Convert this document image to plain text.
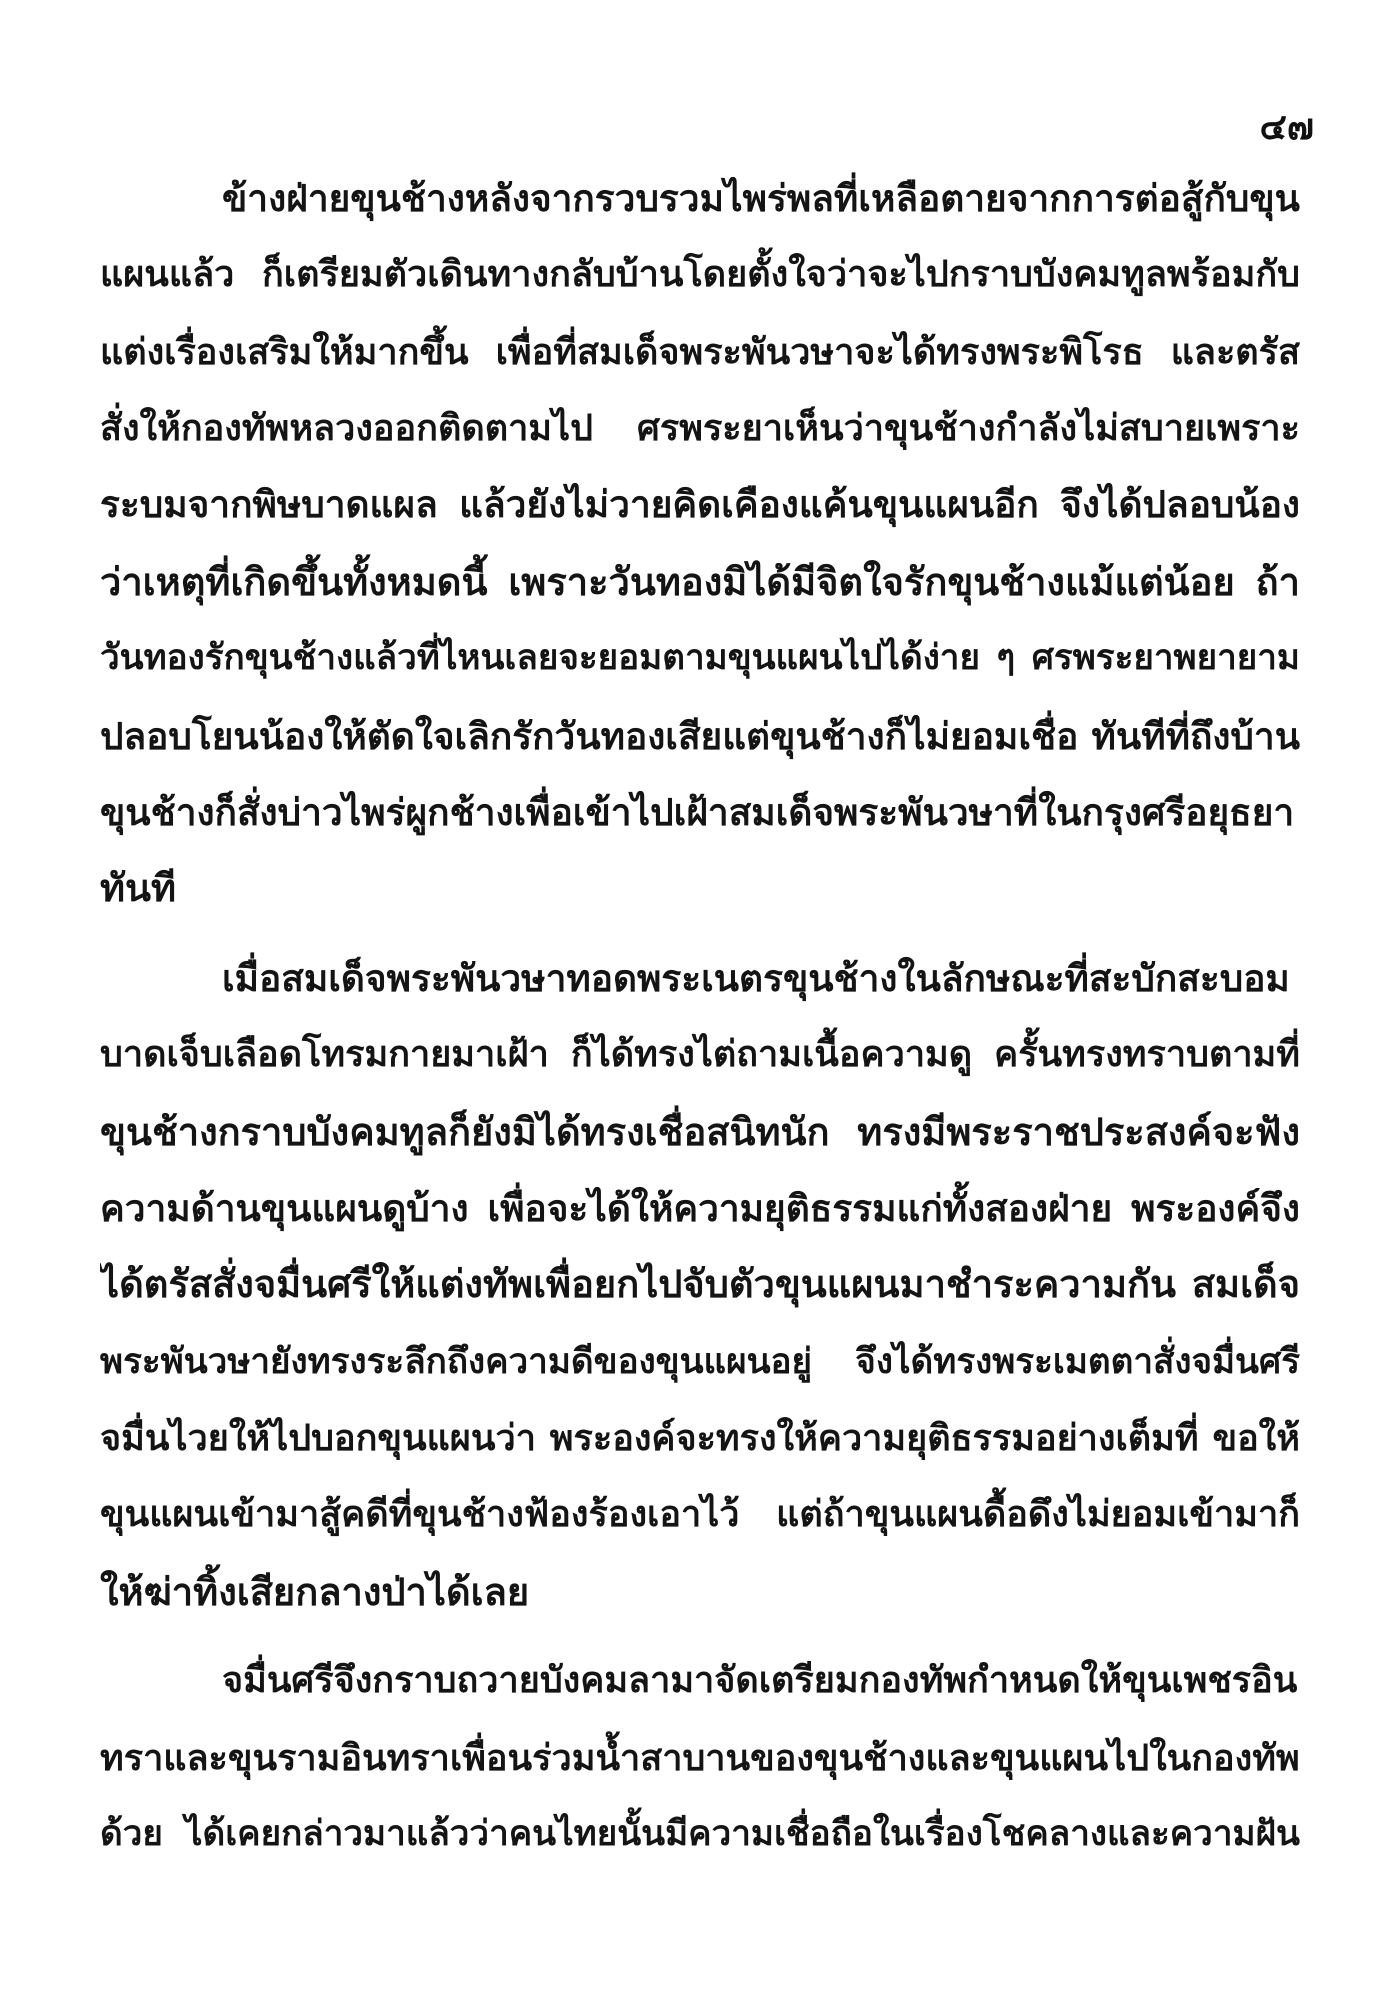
๔๗
ข้างฝ่ายขุนช้างหลังจากรวบรวมไพร่พลที่เหลือตายจากการต่อสู้กับขุน
แผนแล้ว ก็เตรียมตัวเดินทางกลับบ้านโดยตั้งใจว่าจะไปกราบบังคมทูลพร้อมกับ
แต่งเรื่องเสริมให้มากขึ้น เพื่อที่สมเด็จพระพันวษาจะได้ทรงพระพิโรธ และตรัส
สั่งให้กองทัพหลวงออกติดตามไป ศรพระยาเห็นว่าขุนช้างกำลังไม่สบายเพราะ
ระบมจากพิษบาดแผล แล้วยังไม่วายคิดเคืองแค้นขุนแผนอีก จึงได้ปลอบน้อง
ว่าเหตุที่เกิดขึ้นทั้งหมดนี้ เพราะวันทองมิได้มีจิตใจรักขุนช้างแม้แต่น้อย ถ้า
วันทองรักขุนช้างแล้วที่ไหนเลยจะยอมตามขุนแผนไปได้ง่าย ๆ ศรพระยาพยายาม
ปลอบโยนน้องให้ตัดใจเลิกรักวันทองเสียแต่ขุนช้างก็ไม่ยอมเชื่อ ทันทีที่ถึงบ้าน
ขุนช้างก็สั่งบ่าวไพร่ผูกช้างเพื่อเข้าไปเฝ้าสมเด็จพระพันวษาที่ในกรุงศรีอยุธยา
ทันที
เมื่อสมเด็จพระพันวษาทอดพระเนตรขุนช้างในลักษณะที่สะบักสะบอม
บาดเจ็บเลือดโทรมกายมาเฝ้า ก็ได้ทรงไต่ถามเนื้อความดู ครั้นทรงทราบตามที่
ขุนช้างกราบบังคมทูลก็ยังมิได้ทรงเชื่อสนิทนัก ทรงมีพระราชประสงค์จะฟัง
ความด้านขุนแผนดูบ้าง เพื่อจะได้ให้ความยุติธรรมแก่ทั้งสองฝ่าย พระองค์จึง
ได้ตรัสสั่งจมื่นศรีให้แต่งทัพเพื่อยกไปจับตัวขุนแผนมาชำระความกัน สมเด็จ
พระพันวษายังทรงระลึกถึงความดีของขุนแผนอยู่ จึงได้ทรงพระเมตตาสั่งจมื่นศรี
จมื่นไวยให้ไปบอกขุนแผนว่า พระองค์จะทรงให้ความยุติธรรมอย่างเต็มที่ ขอให้
ขุนแผนเข้ามาสู้คดีที่ขุนช้างฟ้องร้องเอาไว้ แต่ถ้าขุนแผนดื้อดึงไม่ยอมเข้ามาก็
ให้ฆ่าทิ้งเสียกลางป่าได้เลย
จมื่นศรีจึงกราบถวายบังคมลามาจัดเตรียมกองทัพกำหนดให้ขุนเพชรอิน
ทราและขุนรามอินทราเพื่อนร่วมน้ำสาบานของขุนช้างและขุนแผนไปในกองทัพ
ด้วย ได้เคยกล่าวมาแล้วว่าคนไทยนั้นมีความเชื่อถือในเรื่องโชคลางและความฝัน
